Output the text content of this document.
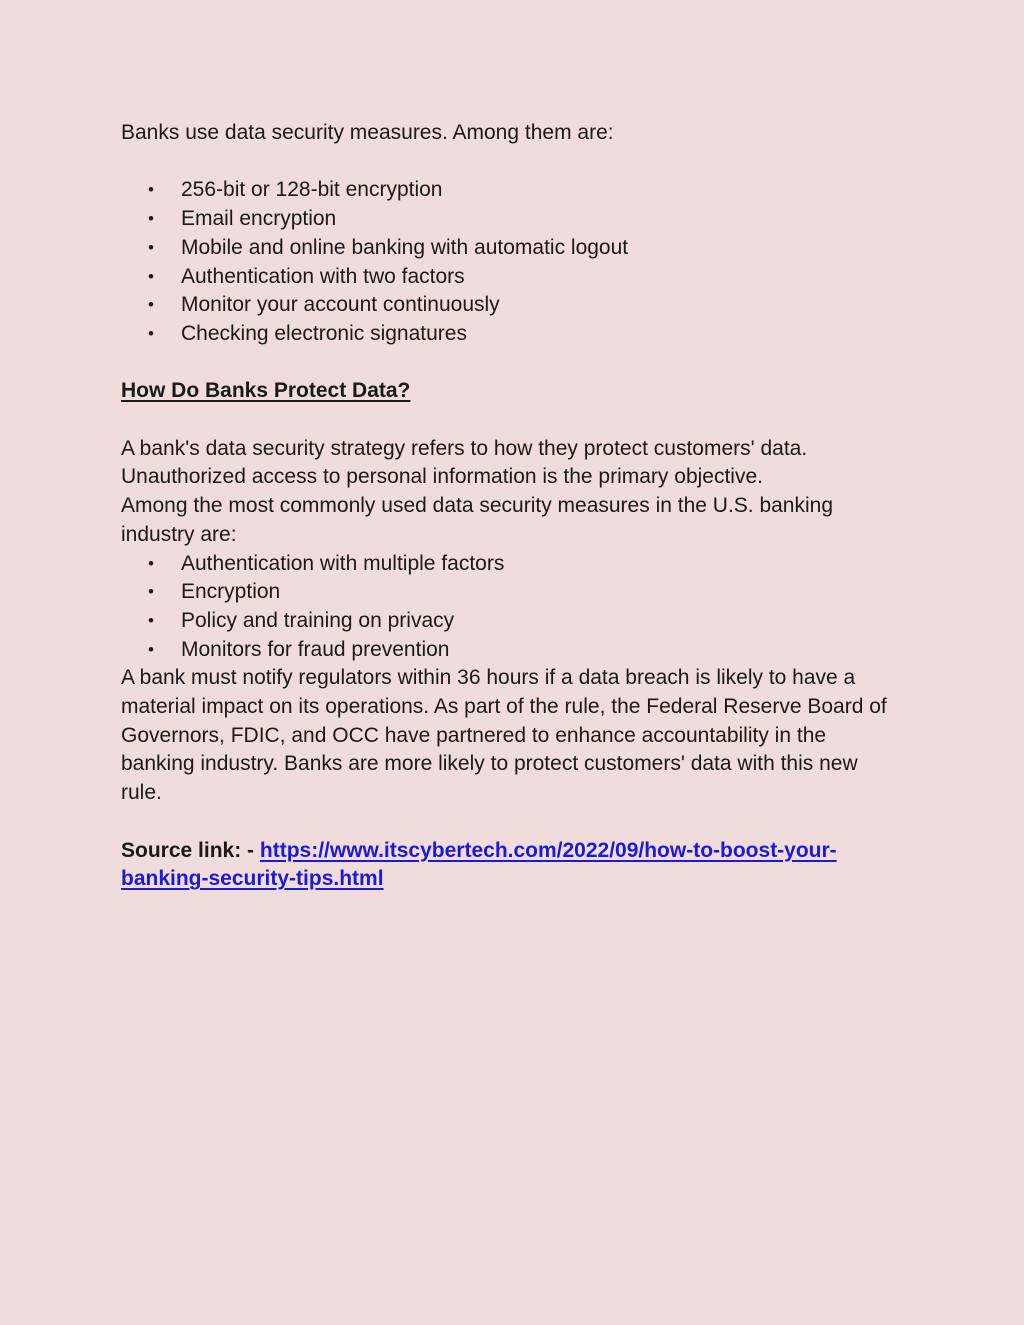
Banks use data security measures. Among them are:

• 256-bit or 128-bit encryption
• Email encryption
• Mobile and online banking with automatic logout
• Authentication with two factors
• Monitor your account continuously
• Checking electronic signatures

How Do Banks Protect Data?

A bank's data security strategy refers to how they protect customers' data. Unauthorized access to personal information is the primary objective.

Among the most commonly used data security measures in the U.S. banking industry are:

• Authentication with multiple factors
• Encryption
• Policy and training on privacy
• Monitors for fraud prevention

A bank must notify regulators within 36 hours if a data breach is likely to have a material impact on its operations. As part of the rule, the Federal Reserve Board of Governors, FDIC, and OCC have partnered to enhance accountability in the banking industry. Banks are more likely to protect customers' data with this new rule.

Source link: - https://www.itscybertech.com/2022/09/how-to-boost-your-banking-security-tips.html
